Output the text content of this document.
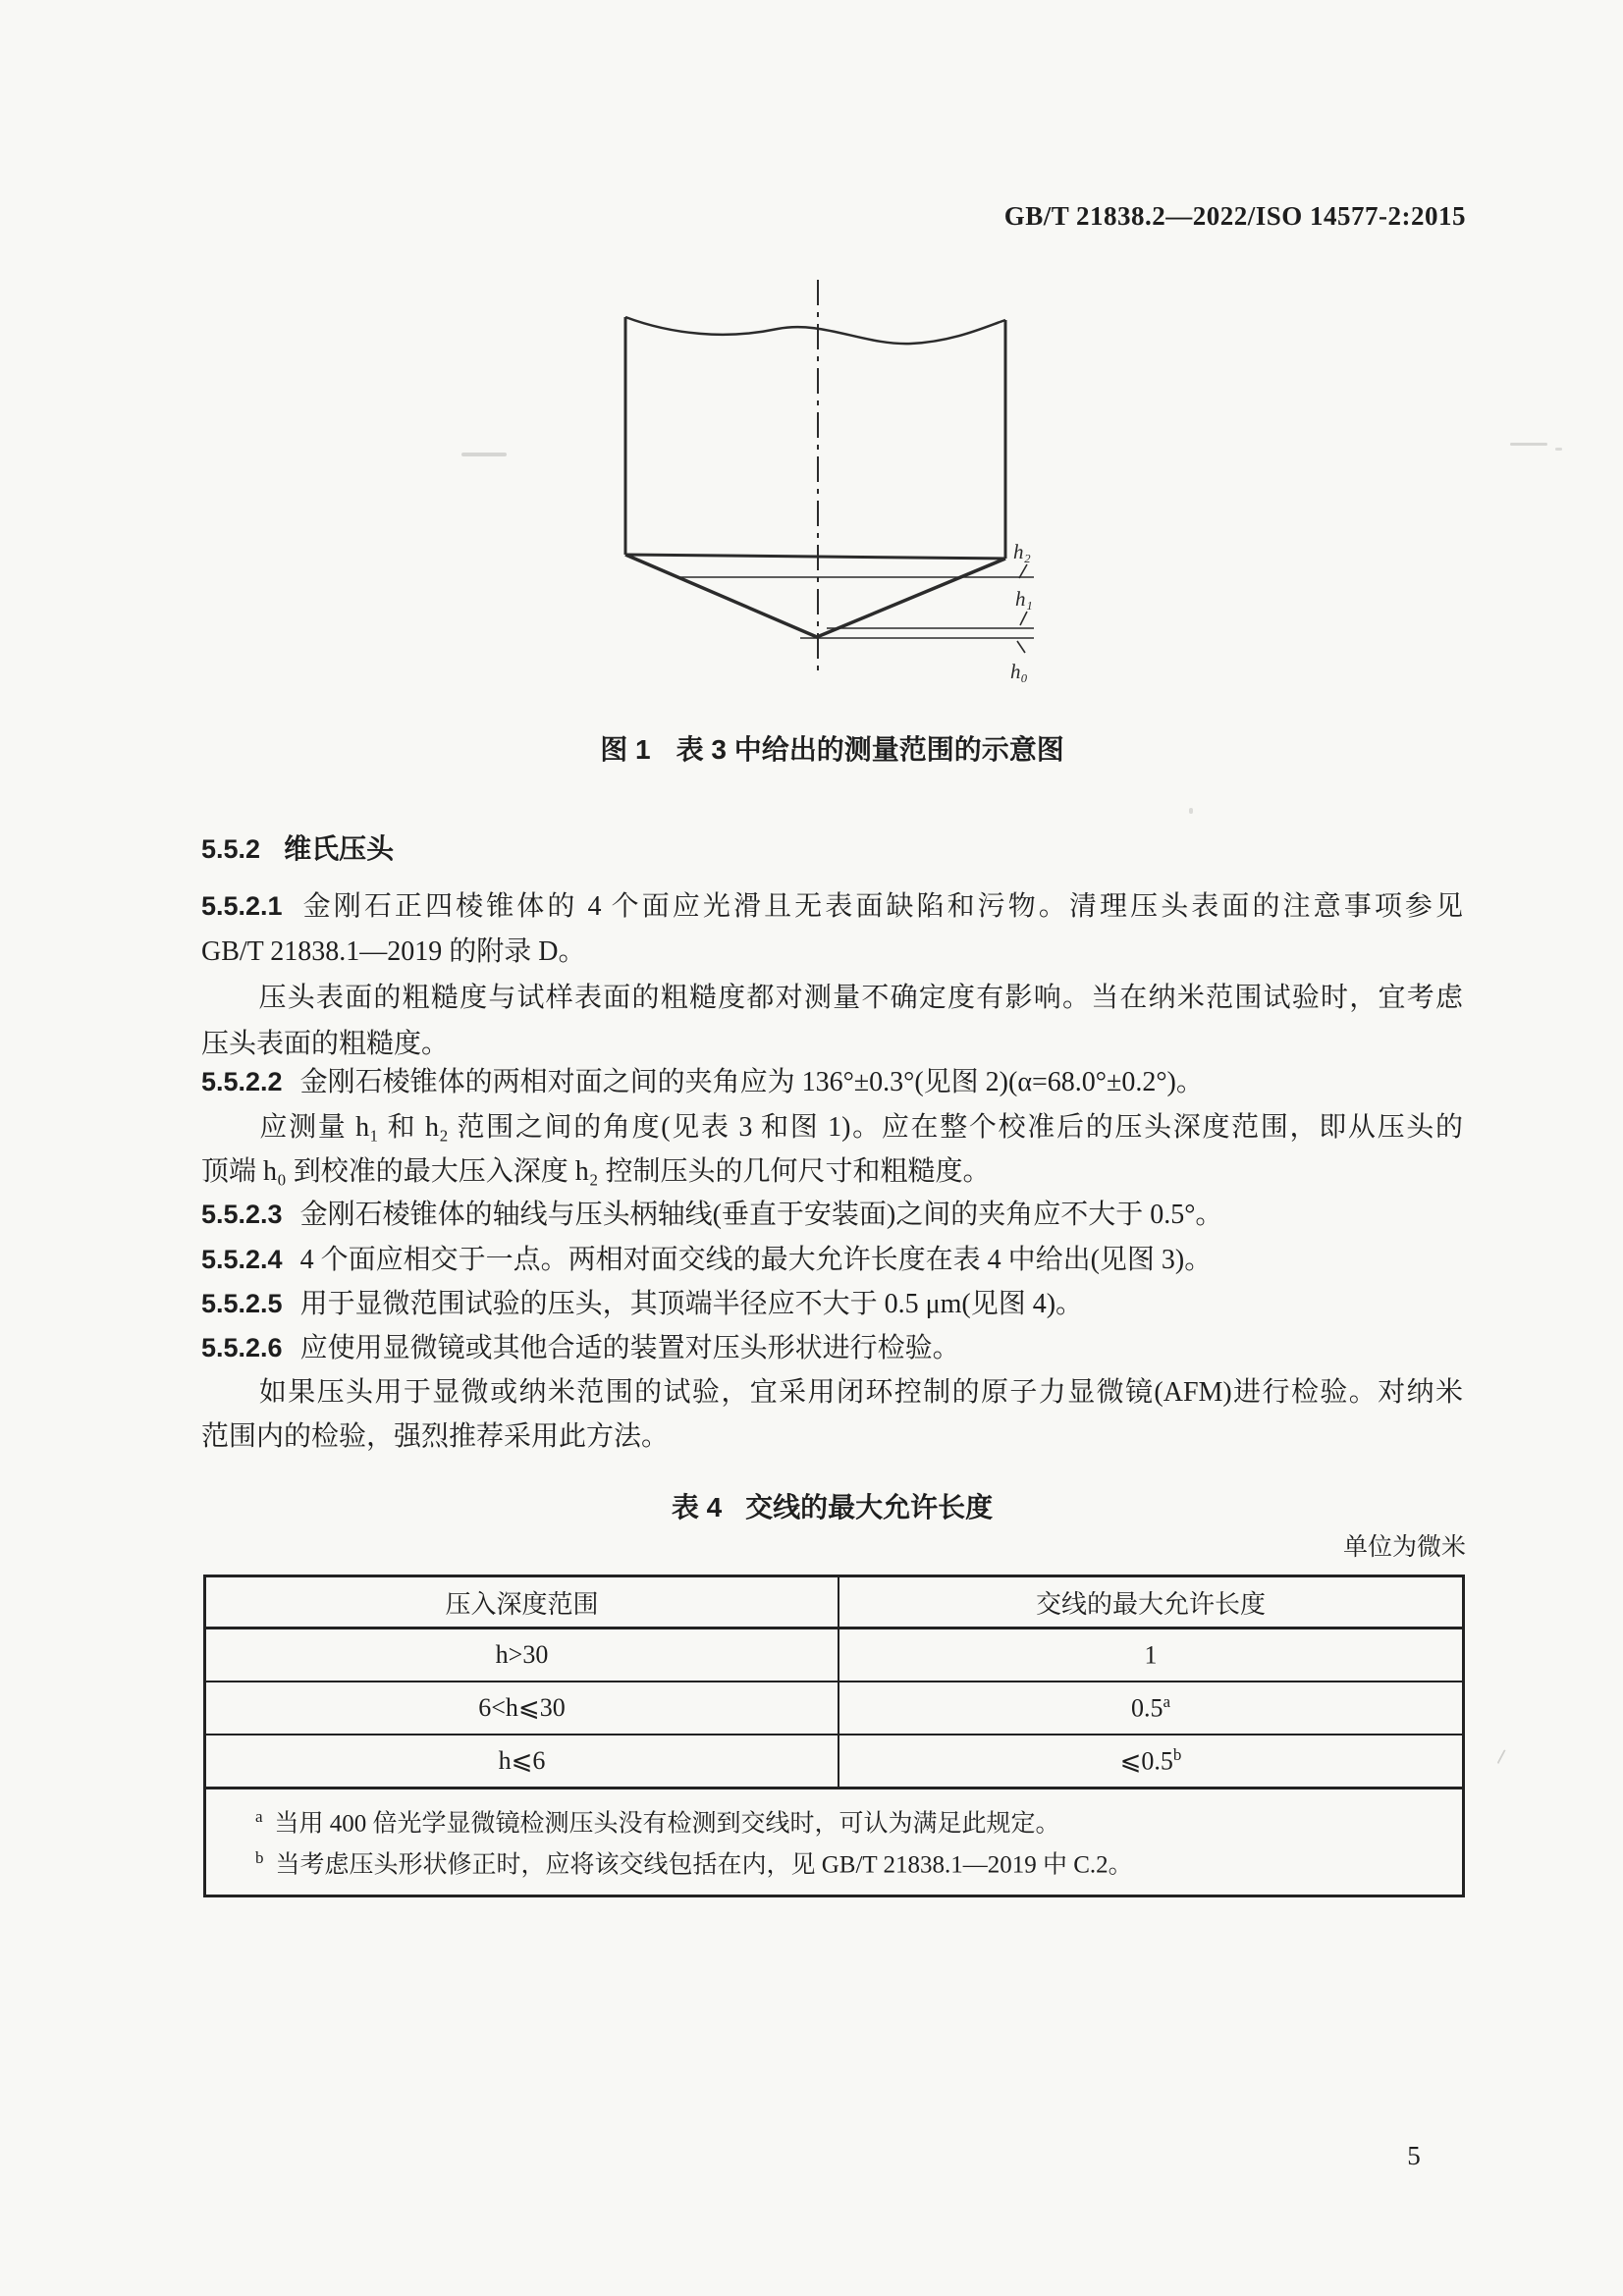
GB/T 21838.2—2022/ISO 14577-2:2015
h₂
h₁
h₀
图 1 表 3 中给出的测量范围的示意图
5.5.2 维氏压头
5.5.2.1 金刚石正四棱锥体的 4 个面应光滑且无表面缺陷和污物。清理压头表面的注意事项参见
GB/T 21838.1—2019 的附录 D。
　　压头表面的粗糙度与试样表面的粗糙度都对测量不确定度有影响。当在纳米范围试验时，宜考虑
压头表面的粗糙度。
5.5.2.2 金刚石棱锥体的两相对面之间的夹角应为 136°±0.3°(见图 2)(α=68.0°±0.2°)。
　　应测量 h₁ 和 h₂ 范围之间的角度(见表 3 和图 1)。应在整个校准后的压头深度范围，即从压头的
顶端 h₀ 到校准的最大压入深度 h₂ 控制压头的几何尺寸和粗糙度。
5.5.2.3 金刚石棱锥体的轴线与压头柄轴线(垂直于安装面)之间的夹角应不大于 0.5°。
5.5.2.4 4 个面应相交于一点。两相对面交线的最大允许长度在表 4 中给出(见图 3)。
5.5.2.5 用于显微范围试验的压头，其顶端半径应不大于 0.5 μm(见图 4)。
5.5.2.6 应使用显微镜或其他合适的装置对压头形状进行检验。
　　如果压头用于显微或纳米范围的试验，宜采用闭环控制的原子力显微镜(AFM)进行检验。对纳米
范围内的检验，强烈推荐采用此方法。
表 4 交线的最大允许长度
单位为微米
压入深度范围	交线的最大允许长度
h>30	1
6<h⩽30	0.5$^a$
h⩽6	⩽0.5$^b$

$^a$ 当用 400 倍光学显微镜检测压头没有检测到交线时，可认为满足此规定。
$^b$ 当考虑压头形状修正时，应将该交线包括在内，见 GB/T 21838.1—2019 中 C.2。	
5
